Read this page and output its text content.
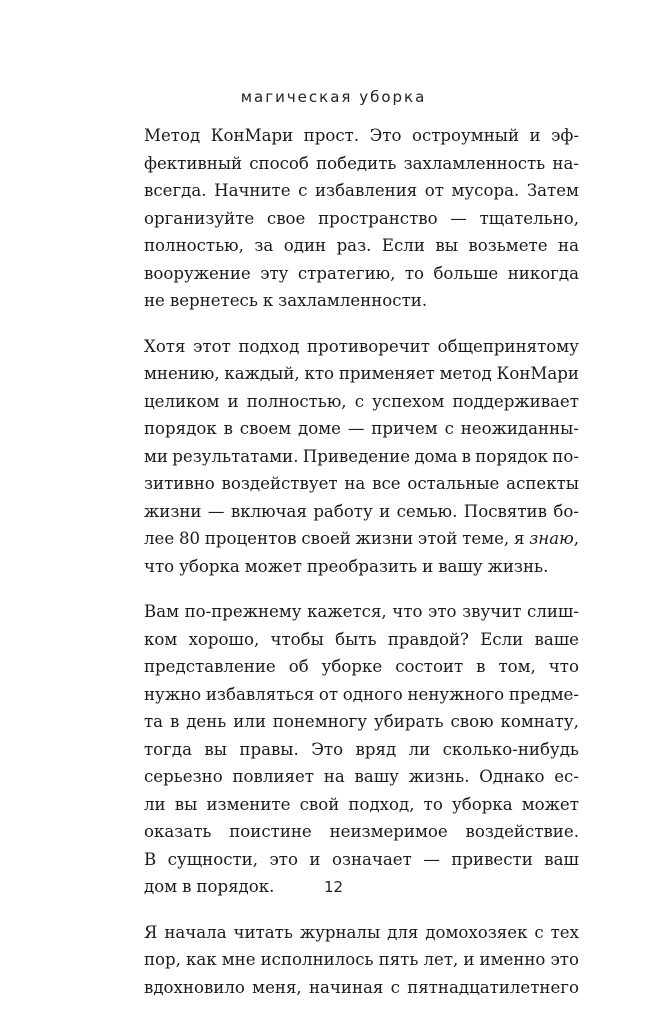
магическая уборка
Метод КонМари прост. Это остроумный и эф-
фективный способ победить захламленность на-
всегда. Начните с избавления от мусора. Затем
организуйте свое пространство — тщательно,
полностью, за один раз. Если вы возьмете на
вооружение эту стратегию, то больше никогда
не вернетесь к захламленности.
Хотя этот подход противоречит общепринятому
мнению, каждый, кто применяет метод КонМари
целиком и полностью, с успехом поддерживает
порядок в своем доме — причем с неожиданны-
ми результатами. Приведение дома в порядок по-
зитивно воздействует на все остальные аспекты
жизни — включая работу и семью. Посвятив бо-
лее 80 процентов своей жизни этой теме, я знаю,
что уборка может преобразить и вашу жизнь.
Вам по-прежнему кажется, что это звучит слиш-
ком хорошо, чтобы быть правдой? Если ваше
представление об уборке состоит в том, что
нужно избавляться от одного ненужного предме-
та в день или понемногу убирать свою комнату,
тогда вы правы. Это вряд ли сколько-нибудь
серьезно повлияет на вашу жизнь. Однако ес-
ли вы измените свой подход, то уборка может
оказать поистине неизмеримое воздействие.
В сущности, это и означает — привести ваш
дом в порядок.
Я начала читать журналы для домохозяек с тех
пор, как мне исполнилось пять лет, и именно это
вдохновило меня, начиная с пятнадцатилетнего
12
